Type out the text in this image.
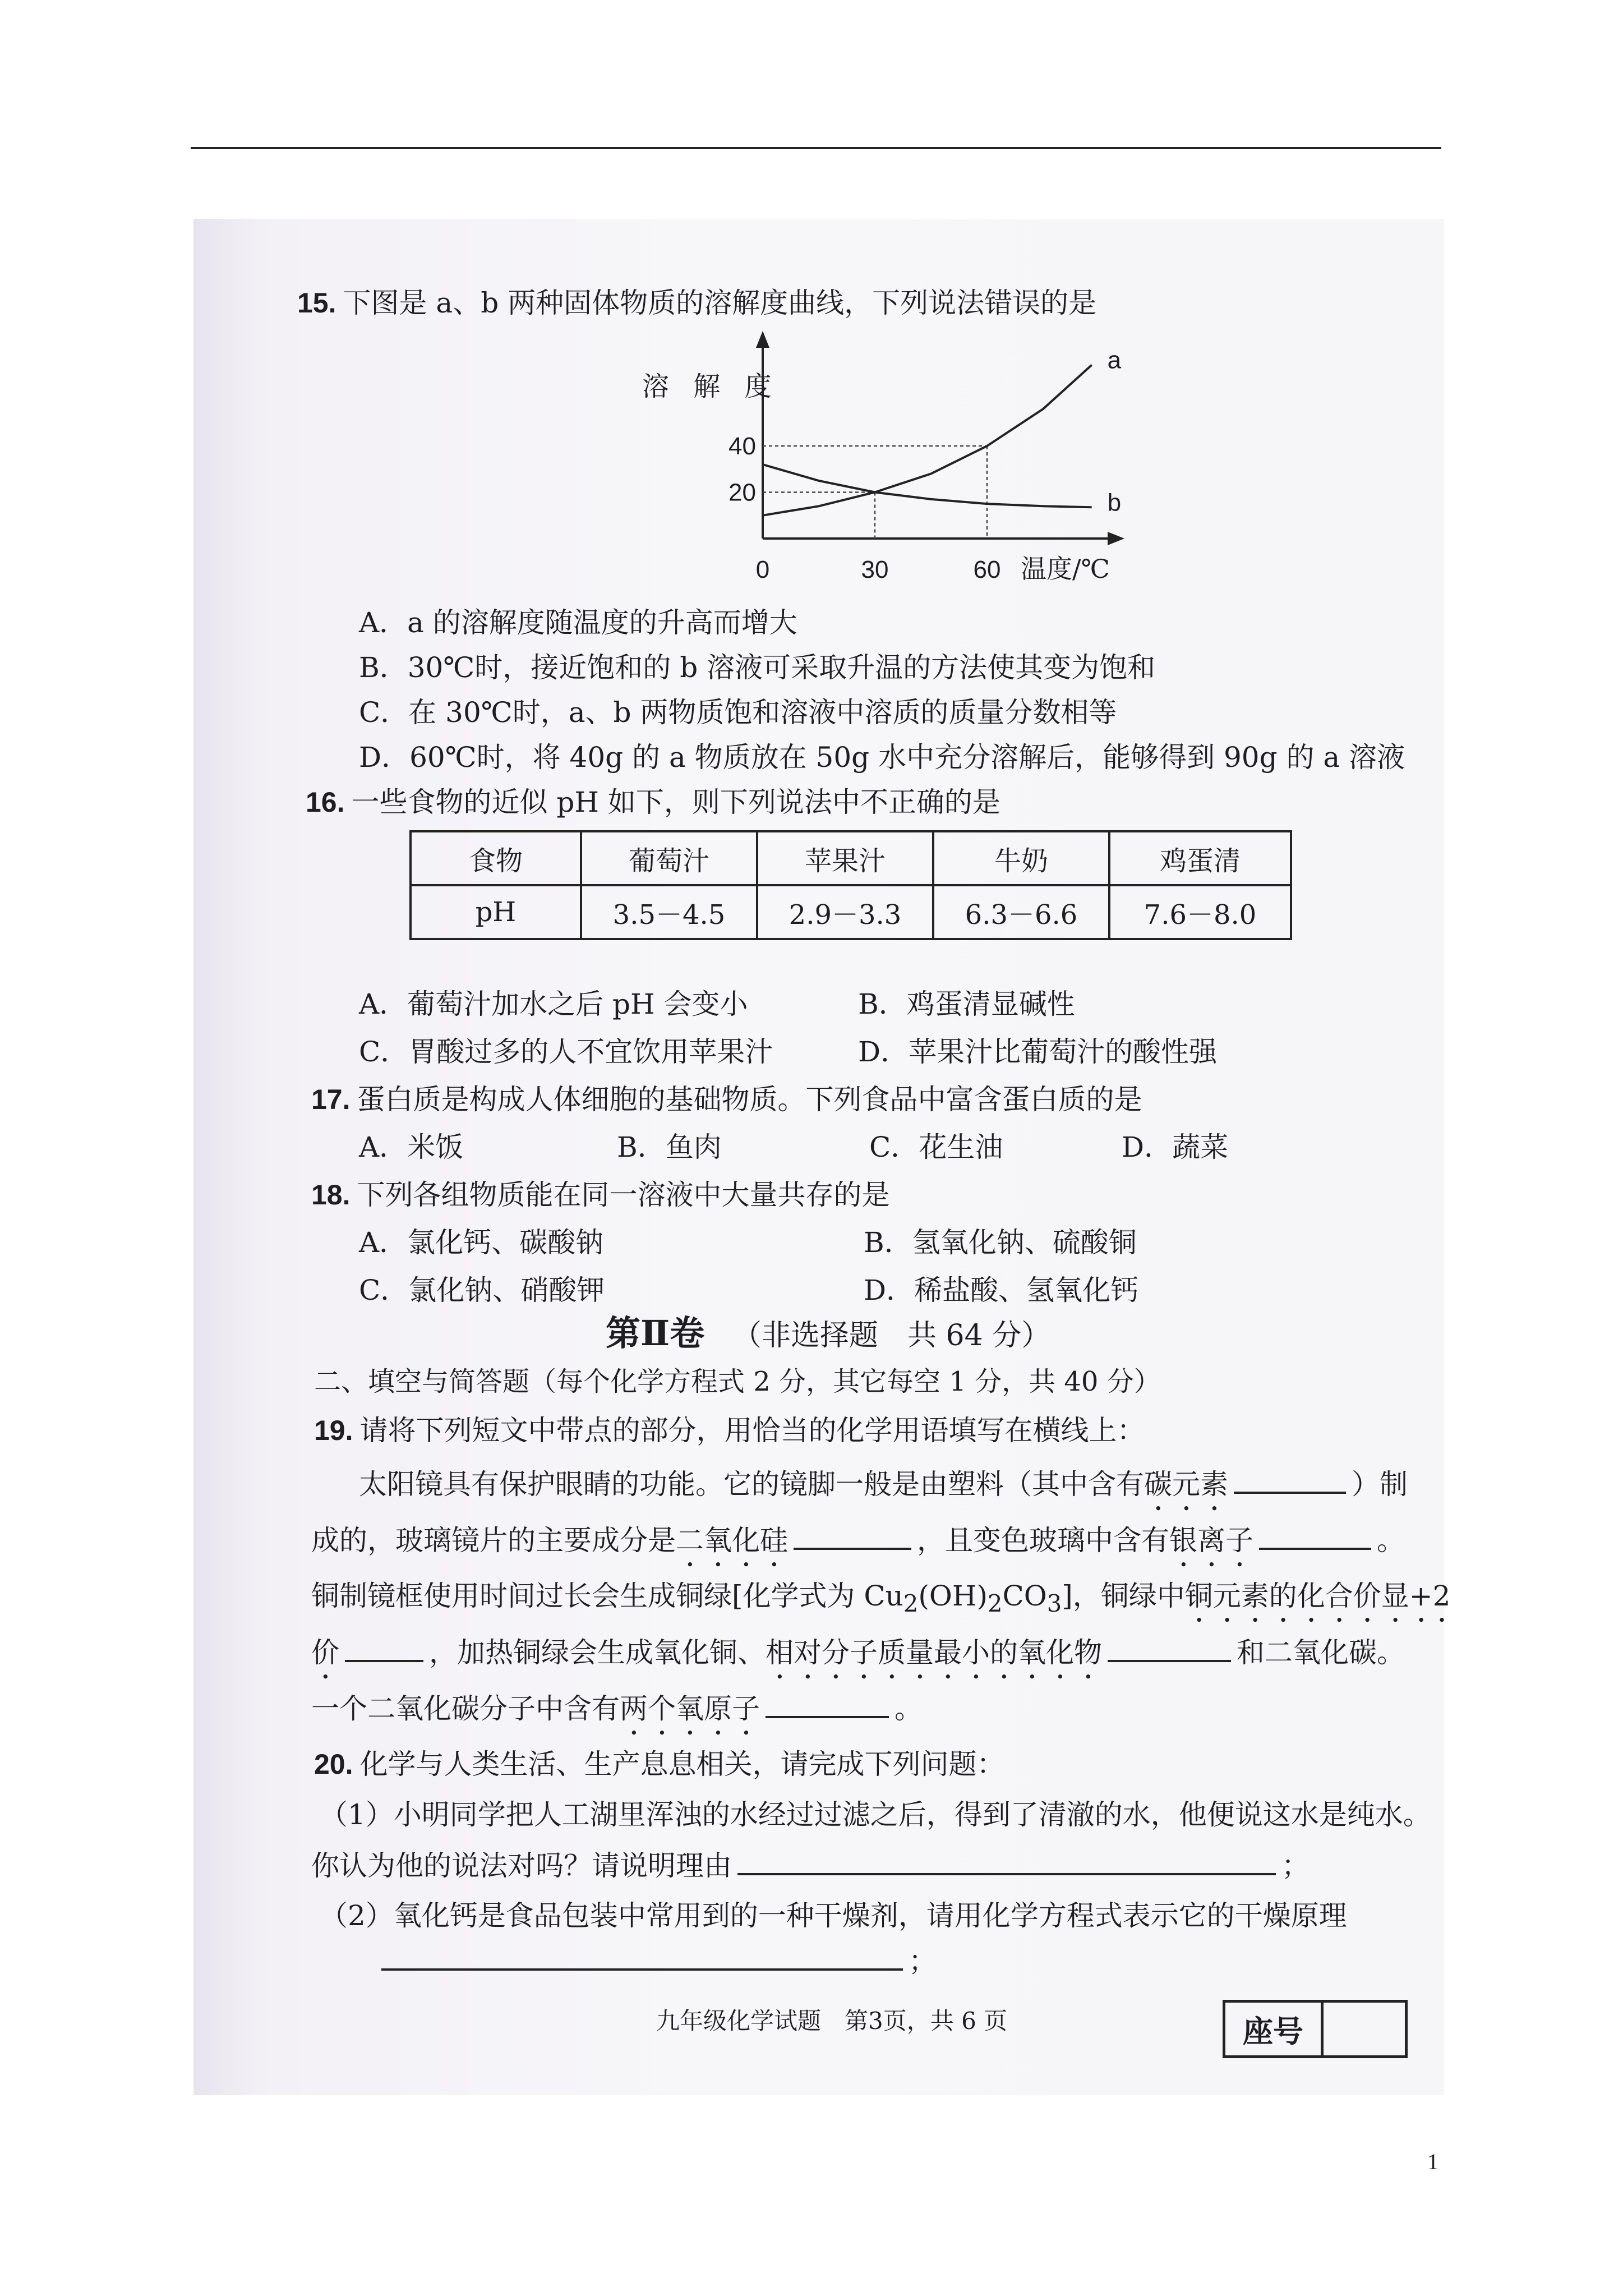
15. 下图是 a、b 两种固体物质的溶解度曲线，下列说法错误的是
溶 解 度
a
b
0	30	60
20
40
温度/℃
A．a 的溶解度随温度的升高而增大
B．30℃时，接近饱和的 b 溶液可采取升温的方法使其变为饱和
C．在 30℃时，a、b 两物质饱和溶液中溶质的质量分数相等
D．60℃时，将 40g 的 a 物质放在 50g 水中充分溶解后，能够得到 90g 的 a 溶液
16. 一些食物的近似 pH 如下，则下列说法中不正确的是
食物	葡萄汁	苹果汁	牛奶	鸡蛋清
pH	3.5－4.5	2.9－3.3	6.3－6.6	7.6－8.0
A．葡萄汁加水之后 pH 会变小	B．鸡蛋清显碱性
C．胃酸过多的人不宜饮用苹果汁	D．苹果汁比葡萄汁的酸性强
17. 蛋白质是构成人体细胞的基础物质。下列食品中富含蛋白质的是
A．米饭	B．鱼肉	C．花生油	D．蔬菜
18. 下列各组物质能在同一溶液中大量共存的是
A．氯化钙、碳酸钠	B．氢氧化钠、硫酸铜
C．氯化钠、硝酸钾	D．稀盐酸、氢氧化钙
第Ⅱ卷 （非选择题　共 64 分）
二、填空与简答题（每个化学方程式 2 分，其它每空 1 分，共 40 分）
19. 请将下列短文中带点的部分，用恰当的化学用语填写在横线上：
太阳镜具有保护眼睛的功能。它的镜脚一般是由塑料（其中含有碳元素	）制
成的，玻璃镜片的主要成分是二氧化硅	，且变色玻璃中含有银离子	。
铜制镜框使用时间过长会生成铜绿[化学式为 $Cu_2(OH)_2CO_3$]，铜绿中铜元素的化合价显+2
价	，加热铜绿会生成氧化铜、相对分子质量最小的氧化物	和二氧化碳。
一个二氧化碳分子中含有两个氧原子	。
20. 化学与人类生活、生产息息相关，请完成下列问题：
（1）小明同学把人工湖里浑浊的水经过过滤之后，得到了清澈的水，他便说这水是纯水。
你认为他的说法对吗？请说明理由	；
（2）氧化钙是食品包装中常用到的一种干燥剂，请用化学方程式表示它的干燥原理
；
九年级化学试题　第3页，共 6 页	座号
1
